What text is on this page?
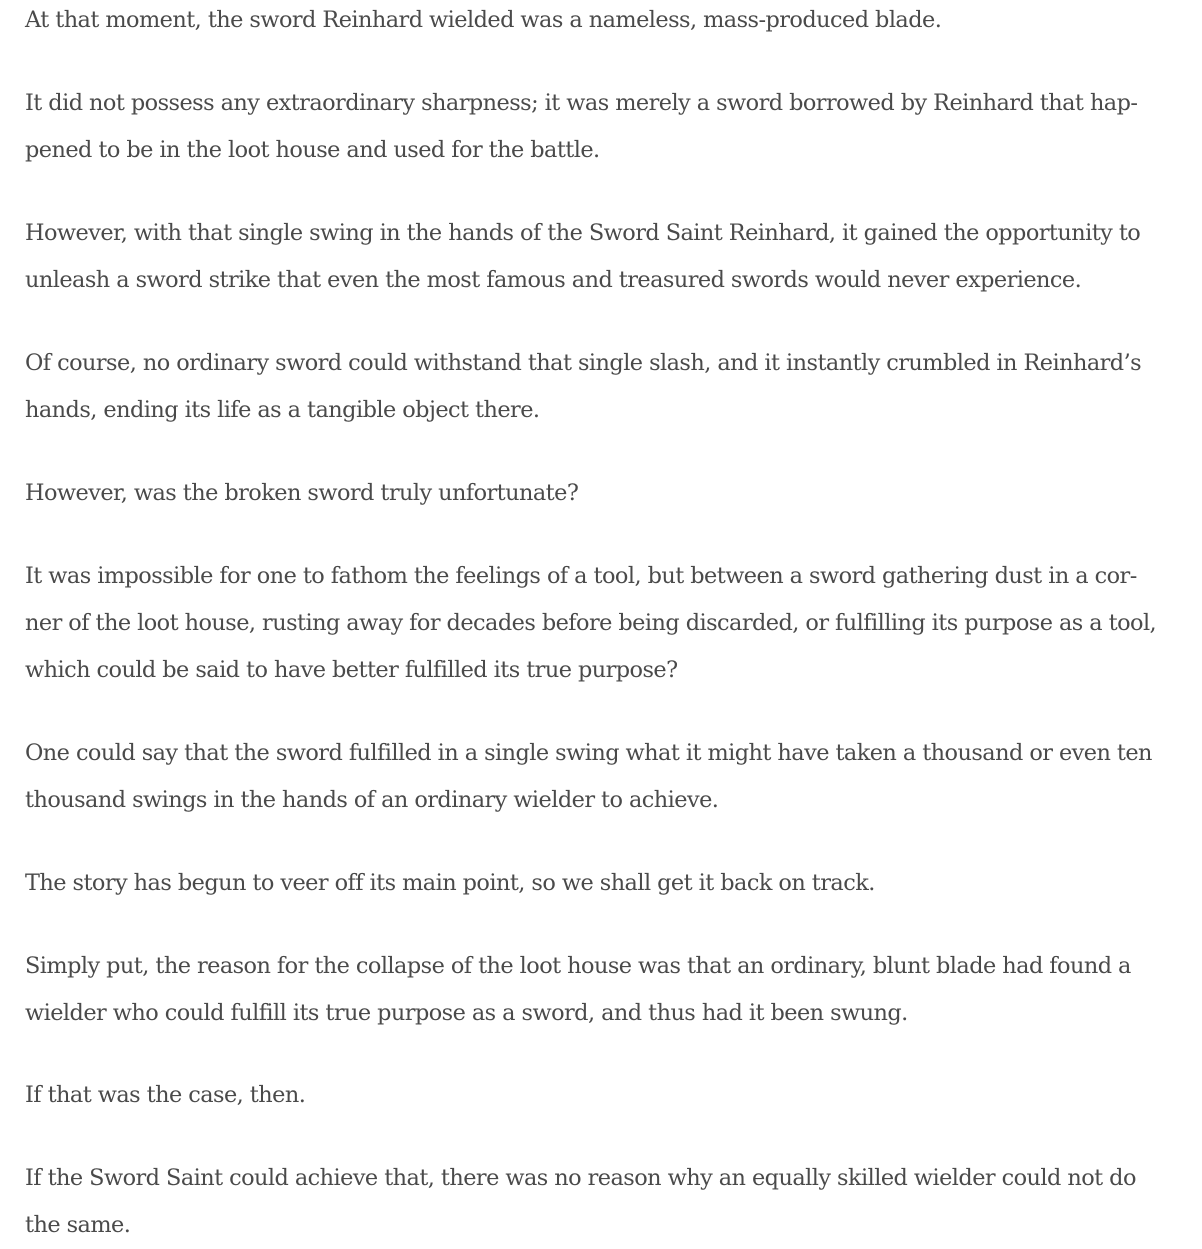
At that moment, the sword Reinhard wielded was a nameless, mass-produced blade.

It did not possess any extraordinary sharpness; it was merely a sword borrowed by Reinhard that hap-
pened to be in the loot house and used for the battle.

However, with that single swing in the hands of the Sword Saint Reinhard, it gained the opportunity to
unleash a sword strike that even the most famous and treasured swords would never experience.

Of course, no ordinary sword could withstand that single slash, and it instantly crumbled in Reinhard’s
hands, ending its life as a tangible object there.

However, was the broken sword truly unfortunate?

It was impossible for one to fathom the feelings of a tool, but between a sword gathering dust in a cor-
ner of the loot house, rusting away for decades before being discarded, or fulfilling its purpose as a tool,
which could be said to have better fulfilled its true purpose?

One could say that the sword fulfilled in a single swing what it might have taken a thousand or even ten
thousand swings in the hands of an ordinary wielder to achieve.

The story has begun to veer off its main point, so we shall get it back on track.

Simply put, the reason for the collapse of the loot house was that an ordinary, blunt blade had found a
wielder who could fulfill its true purpose as a sword, and thus had it been swung.

If that was the case, then.

If the Sword Saint could achieve that, there was no reason why an equally skilled wielder could not do
the same.
